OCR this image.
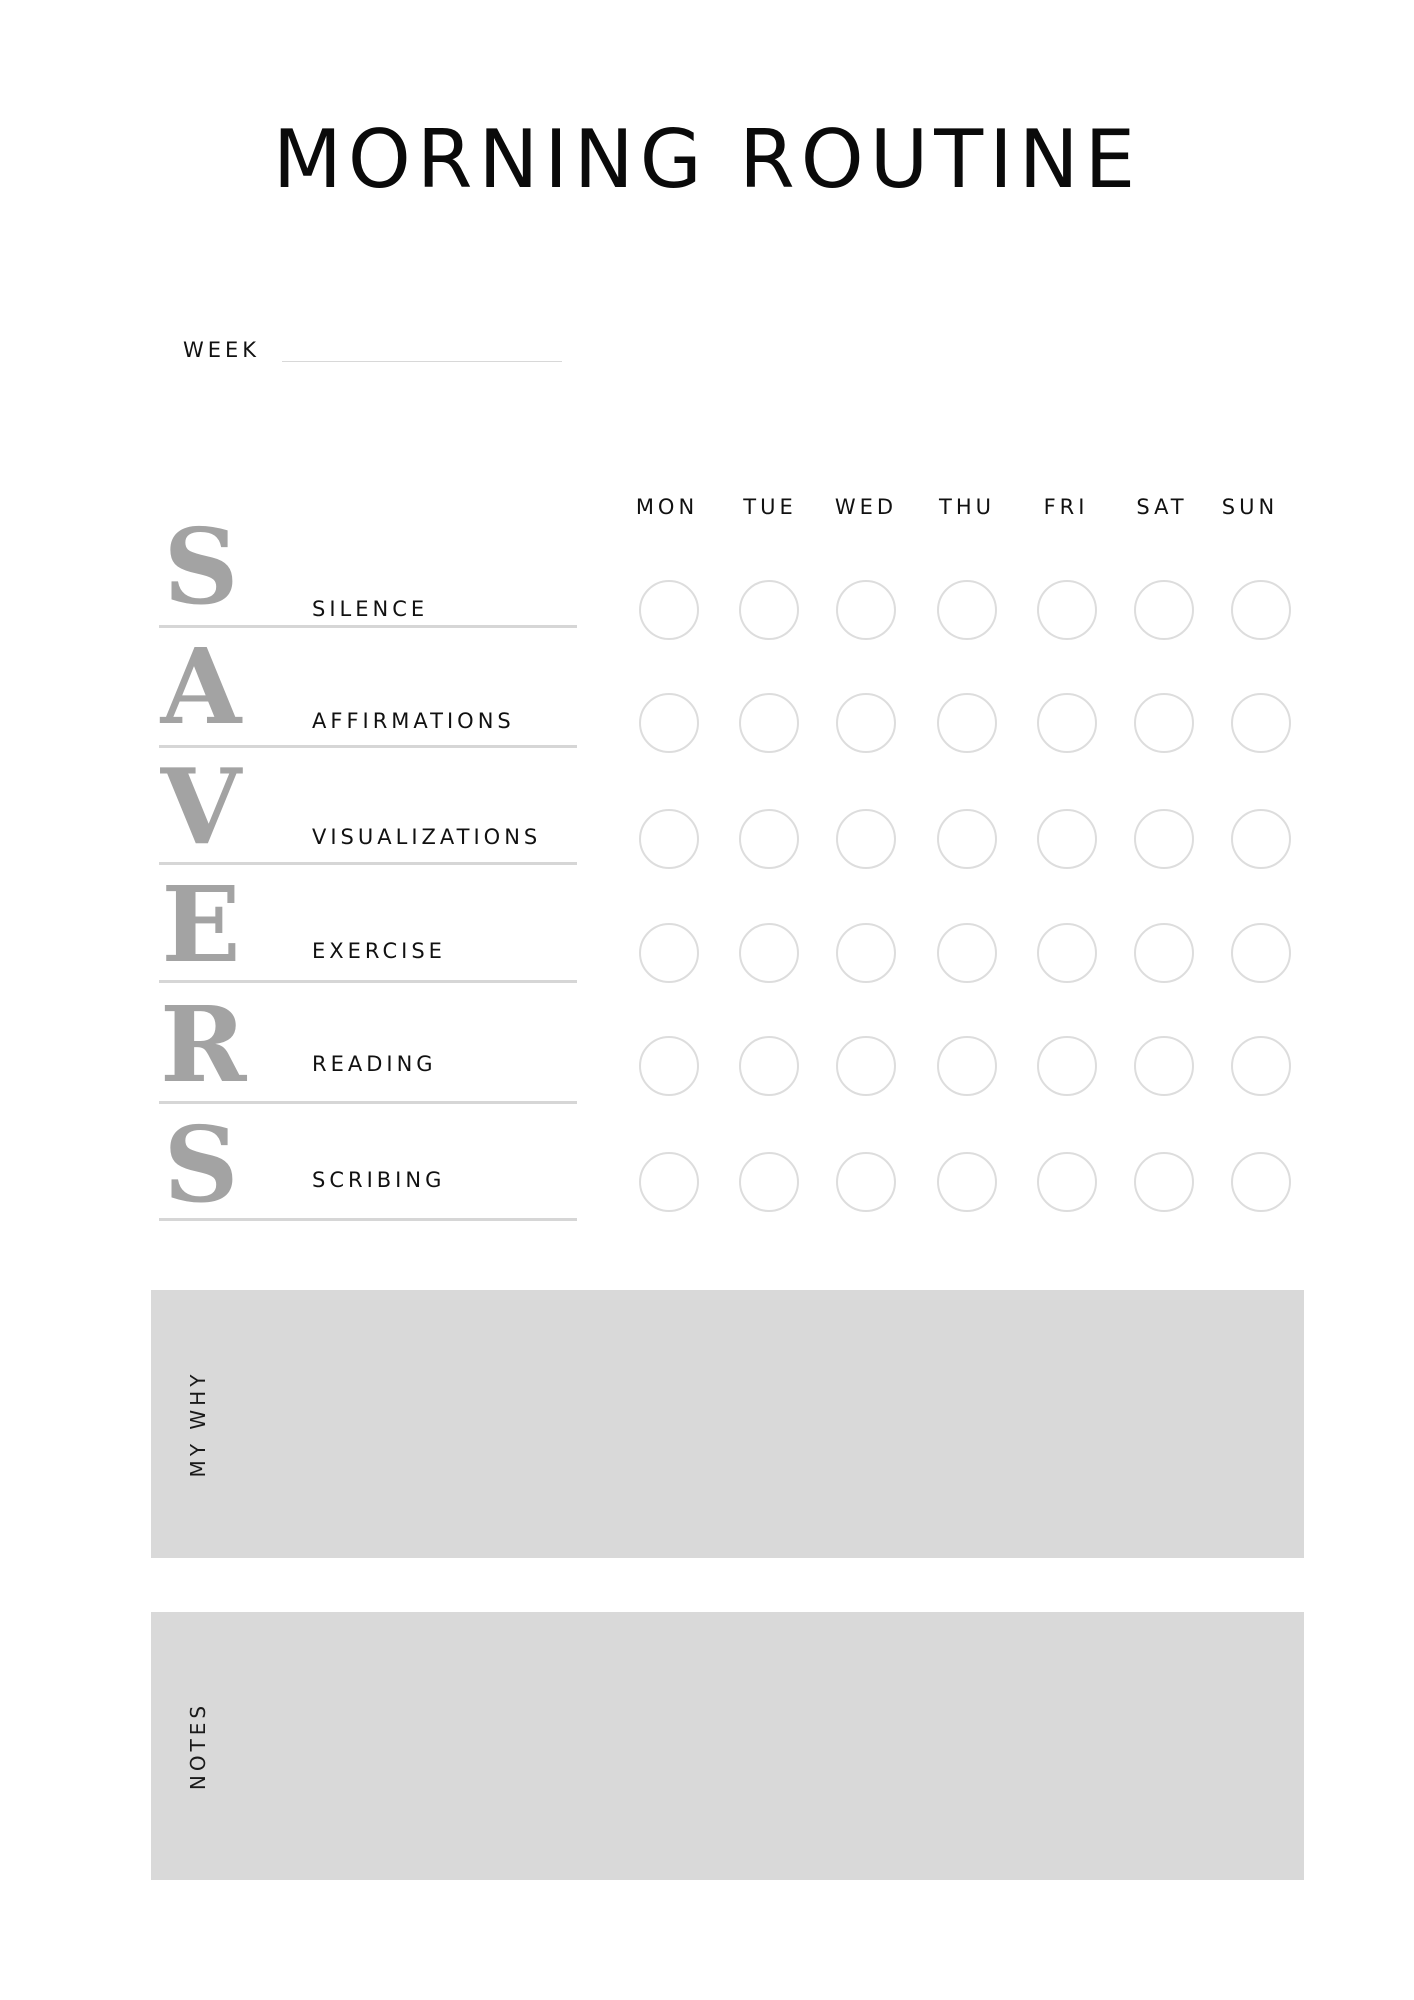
MORNING ROUTINE
WEEK
MON	TUE	WED	THU	FRI	SAT	SUN
S	SILENCE
A	AFFIRMATIONS
V	VISUALIZATIONS
E	EXERCISE
R	READING
S	SCRIBING
MY WHY
NOTES
